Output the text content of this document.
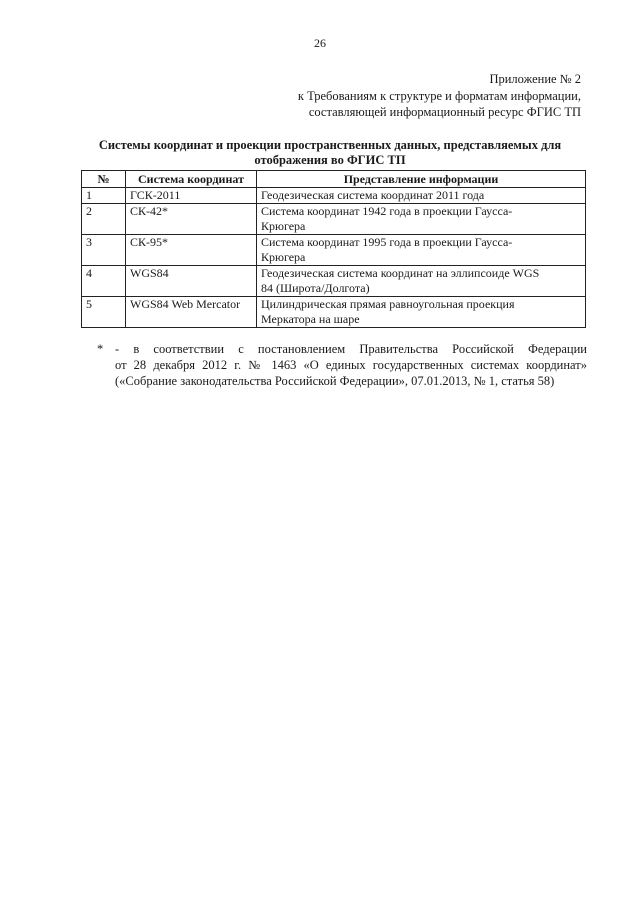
26
Приложение № 2
к Требованиям к структуре и форматам информации,
составляющей информационный ресурс ФГИС ТП
Системы координат и проекции пространственных данных, представляемых для
отображения во ФГИС ТП
№	Система координат	Представление информации
1	ГСК-2011	Геодезическая система координат 2011 года

2	СК-42*	Система координат 1942 года в проекции Гаусса-
Крюгера

3	СК-95*	Система координат 1995 года в проекции Гаусса-
Крюгера

4	WGS84	Геодезическая система координат на эллипсоиде WGS
84 (Широта/Долгота)

5	WGS84 Web Mercator	Цилиндрическая прямая равноугольная проекция
Меркатора на шаре
* - в соответствии с постановлением Правительства Российской Федерации
от 28 декабря 2012 г. № 1463 «О единых государственных системах координат»
(«Собрание законодательства Российской Федерации», 07.01.2013, № 1, статья 58)
